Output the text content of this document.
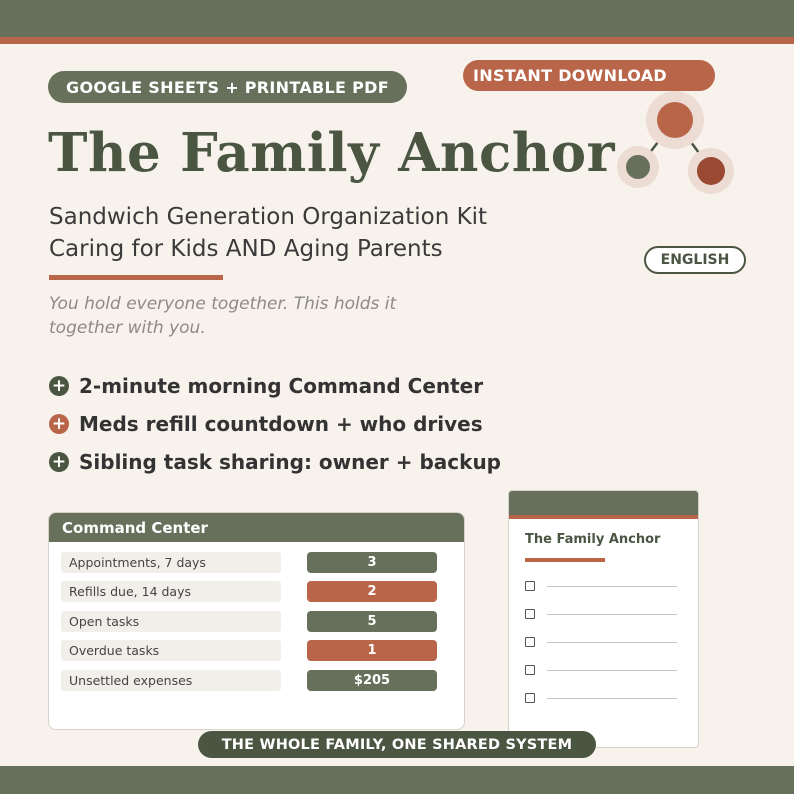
GOOGLE SHEETS + PRINTABLE PDF
INSTANT DOWNLOAD
The Family Anchor
Sandwich Generation Organization Kit
Caring for Kids AND Aging Parents	ENGLISH

You hold everyone together. This holds it together with you.

+ 2-minute morning Command Center
+ Meds refill countdown + who drives
+ Sibling task sharing: owner + backup
Command Center
Appointments, 7 days	3
Refills due, 14 days	2
Open tasks	5
Overdue tasks	1
Unsettled expenses	$205
The Family Anchor
THE WHOLE FAMILY, ONE SHARED SYSTEM
